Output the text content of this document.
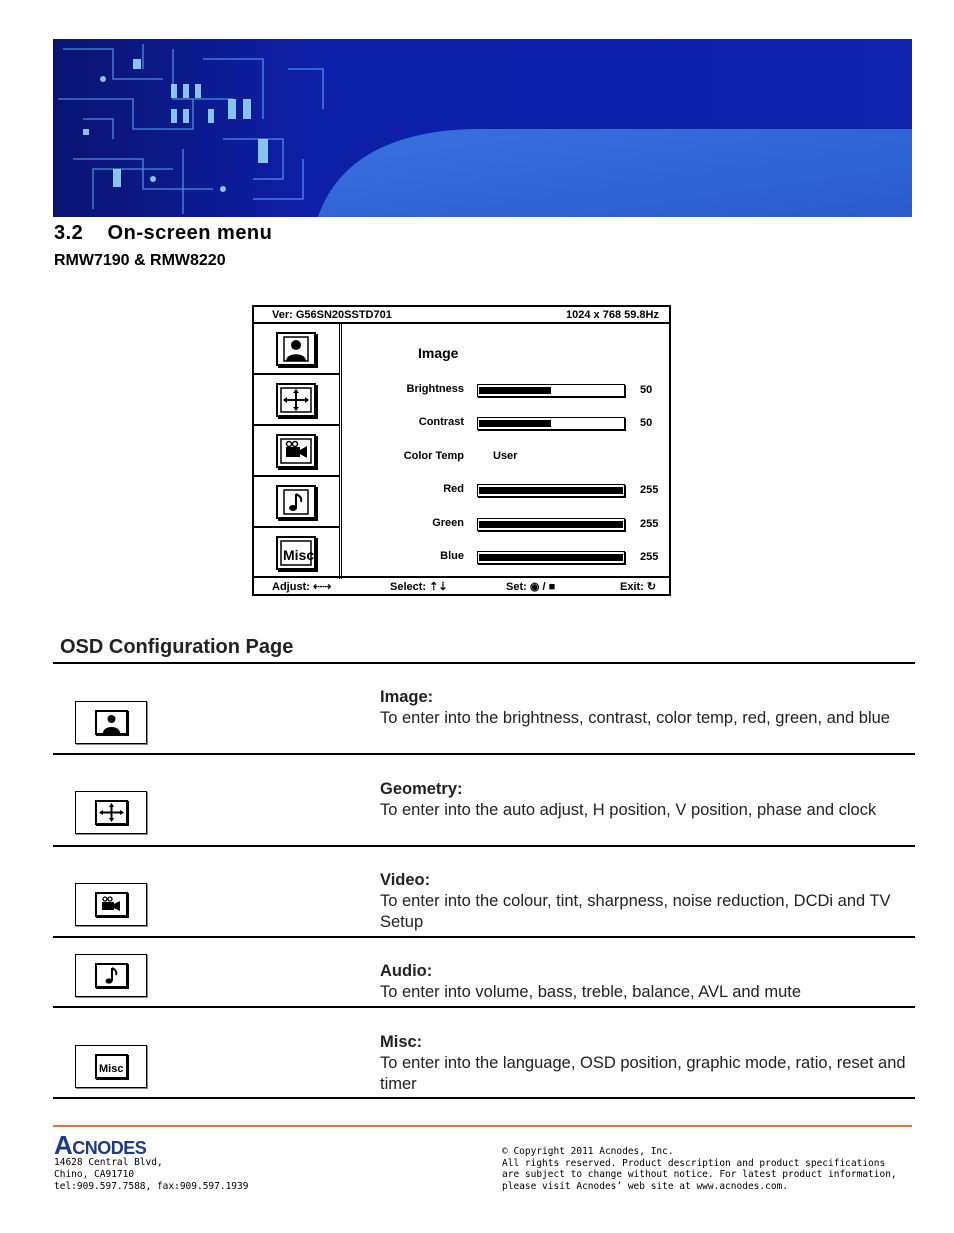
3.2 On-screen menu
RMW7190 & RMW8220
Ver: G56SN20SSTD701	1024 x 768 59.8Hz
Misc
Image
Brightness	50
Contrast	50
Color Temp	User
Red	255
Green	255
Blue	255
Adjust: ⇠⇢	Select: ⇡⇣	Set: ◉ / ■	Exit: ↻
OSD Configuration Page
Image:
To enter into the brightness, contrast, color temp, red, green, and blue
Geometry:
To enter into the auto adjust, H position, V position, phase and clock
Video:
To enter into the colour, tint, sharpness, noise reduction, DCDi and TV Setup
Audio:
To enter into volume, bass, treble, balance, AVL and mute
Misc
Misc:
To enter into the language, OSD position, graphic mode, ratio, reset and timer
ACNODES
14628 Central Blvd,
Chino, CA91710
tel:909.597.7588, fax:909.597.1939
© Copyright 2011 Acnodes, Inc.
All rights reserved. Product description and product specifications
are subject to change without notice. For latest product information,
please visit Acnodes’ web site at www.acnodes.com.
